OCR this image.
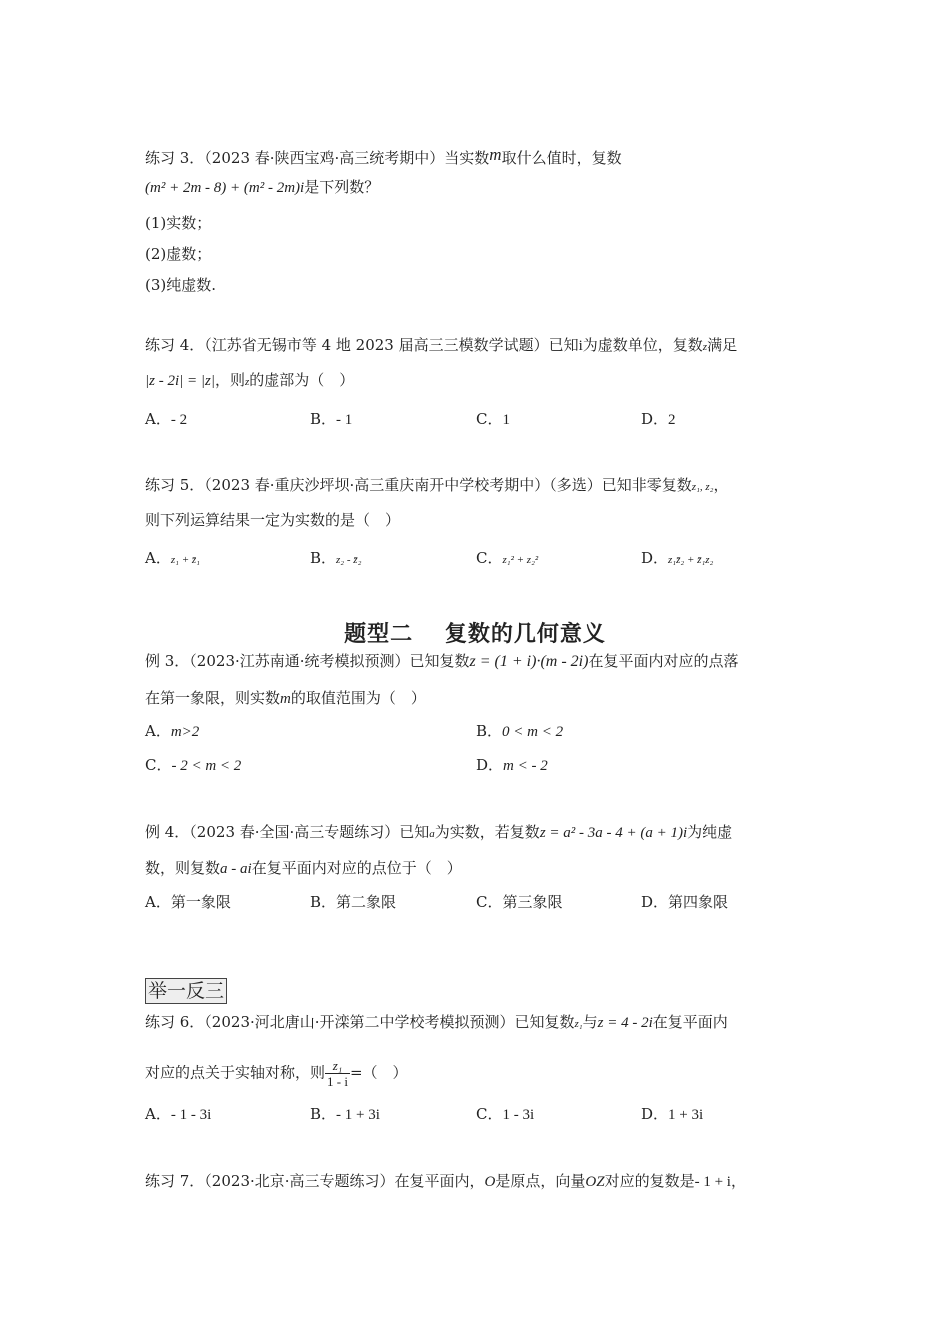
练习 3．（2023 春·陕西宝鸡·高三统考期中）当实数m取什么值时，复数
(m² + 2m - 8) + (m² - 2m)i是下列数？
(1)实数；
(2)虚数；
(3)纯虚数.
练习 4．（江苏省无锡市等 4 地 2023 届高三三模数学试题）已知i为虚数单位，复数z满足
|z - 2i| = |z|，则z的虚部为（　）
A．- 2	B．- 1	C．1	D．2
练习 5．（2023 春·重庆沙坪坝·高三重庆南开中学校考期中）（多选）已知非零复数z₁, z₂，
则下列运算结果一定为实数的是（　）
A．z₁ + z̄₁	B．z₂ - z̄₂	C．z₁² + z₂²	D．z₁z̄₂ + z̄₁z₂
题型二　 复数的几何意义
例 3．（2023·江苏南通·统考模拟预测）已知复数z = (1 + i)·(m - 2i)在复平面内对应的点落
在第一象限，则实数m的取值范围为（　）
A．m>2	B．0 < m < 2
C．- 2 < m < 2	D．m < - 2
例 4．（2023 春·全国·高三专题练习）已知a为实数，若复数z = a² - 3a - 4 + (a + 1)i为纯虚
数，则复数a - ai在复平面内对应的点位于（　）
A．第一象限	B．第二象限	C．第三象限	D．第四象限
举一反三
练习 6．（2023·河北唐山·开滦第二中学校考模拟预测）已知复数z₁与z = 4 - 2i在复平面内
对应的点关于实轴对称，则 $\frac{\text{z₁}}{1 - i}$ =（　）
A．- 1 - 3i	B．- 1 + 3i	C．1 - 3i	D．1 + 3i
练习 7．（2023·北京·高三专题练习）在复平面内，O是原点，向量OZ对应的复数是- 1 + i，
